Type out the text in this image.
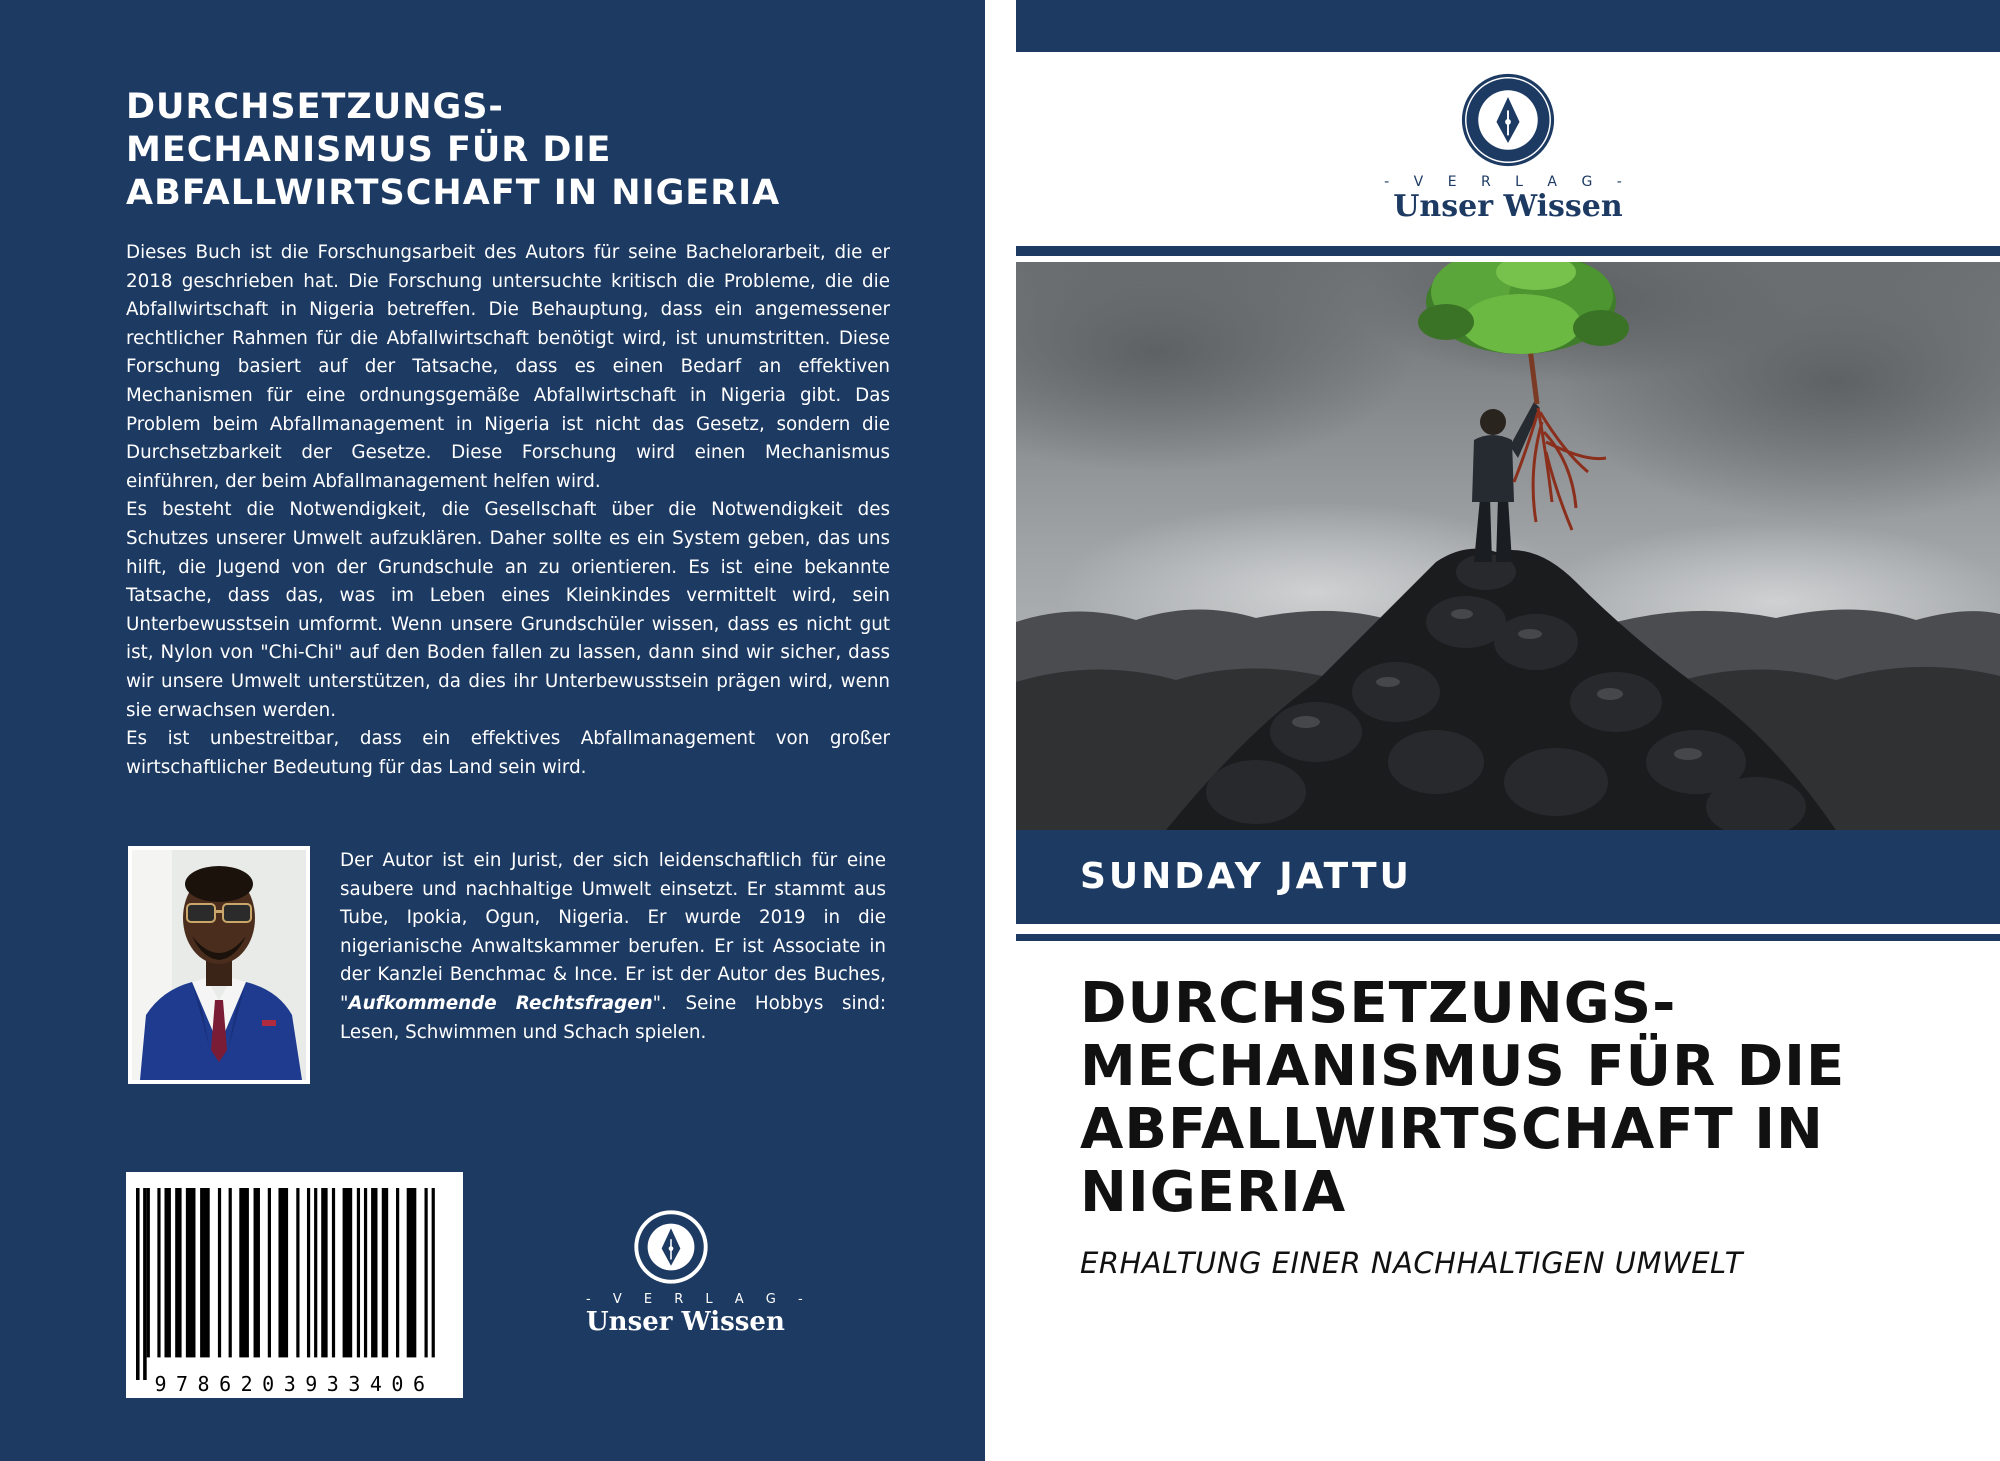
DURCHSETZUNGS-
MECHANISMUS FÜR DIE
ABFALLWIRTSCHAFT IN NIGERIA

Dieses Buch ist die Forschungsarbeit des Autors für seine Bachelorarbeit, die er 2018 geschrieben hat. Die Forschung untersuchte kritisch die Probleme, die die Abfallwirtschaft in Nigeria betreffen. Die Behauptung, dass ein angemessener rechtlicher Rahmen für die Abfallwirtschaft benötigt wird, ist unumstritten. Diese Forschung basiert auf der Tatsache, dass es einen Bedarf an effektiven Mechanismen für eine ordnungsgemäße Abfallwirtschaft in Nigeria gibt. Das Problem beim Abfallmanagement in Nigeria ist nicht das Gesetz, sondern die Durchsetzbarkeit der Gesetze. Diese Forschung wird einen Mechanismus einführen, der beim Abfallmanagement helfen wird.

Es besteht die Notwendigkeit, die Gesellschaft über die Notwendigkeit des Schutzes unserer Umwelt aufzuklären. Daher sollte es ein System geben, das uns hilft, die Jugend von der Grundschule an zu orientieren. Es ist eine bekannte Tatsache, dass das, was im Leben eines Kleinkindes vermittelt wird, sein Unterbewusstsein umformt. Wenn unsere Grundschüler wissen, dass es nicht gut ist, Nylon von "Chi-Chi" auf den Boden fallen zu lassen, dann sind wir sicher, dass wir unsere Umwelt unterstützen, da dies ihr Unterbewusstsein prägen wird, wenn sie erwachsen werden.

Es ist unbestreitbar, dass ein effektives Abfallmanagement von großer wirtschaftlicher Bedeutung für das Land sein wird.

Der Autor ist ein Jurist, der sich leidenschaftlich für eine saubere und nachhaltige Umwelt einsetzt. Er stammt aus Tube, Ipokia, Ogun, Nigeria. Er wurde 2019 in die nigerianische Anwaltskammer berufen. Er ist Associate in der Kanzlei Benchmac & Ince. Er ist der Autor des Buches, "Aufkommende Rechtsfragen". Seine Hobbys sind: Lesen, Schwimmen und Schach spielen.

9786203933406
- V E R L A G -
Unser Wissen
- V E R L A G -
Unser Wissen
SUNDAY JATTU
DURCHSETZUNGS-
MECHANISMUS FÜR DIE
ABFALLWIRTSCHAFT IN
NIGERIA
ERHALTUNG EINER NACHHALTIGEN UMWELT
